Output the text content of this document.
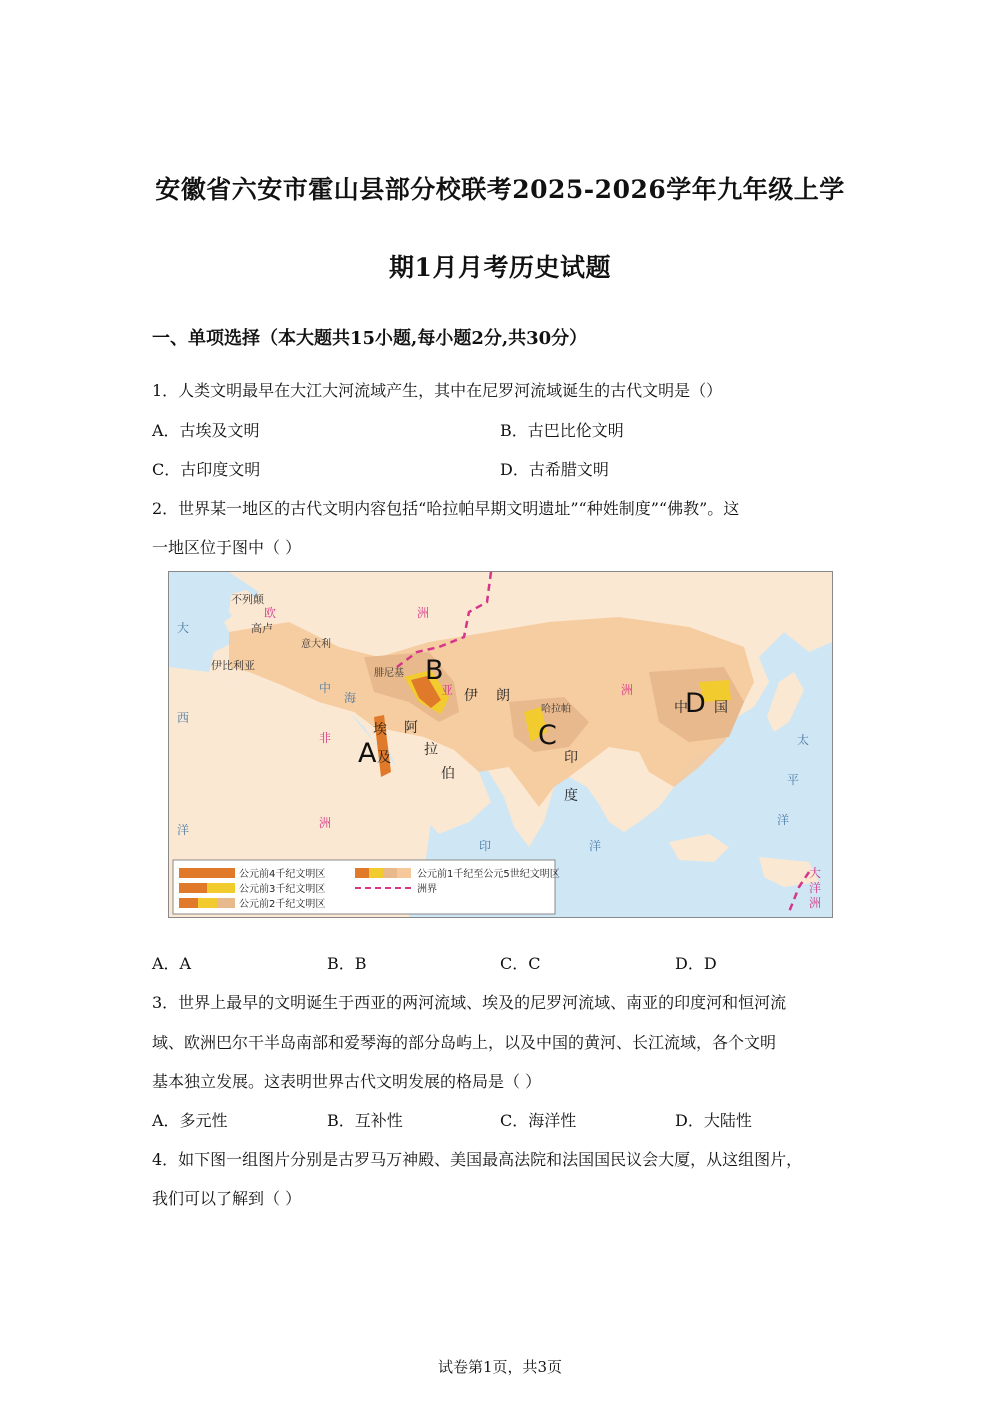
安徽省六安市霍山县部分校联考2025-2026学年九年级上学
期1月月考历史试题
一、单项选择（本大题共15小题,每小题2分,共30分）
1．人类文明最早在大江大河流域产生，其中在尼罗河流域诞生的古代文明是（）
A．古埃及文明	B．古巴比伦文明
C．古印度文明	D．古希腊文明
2．世界某一地区的古代文明内容包括“哈拉帕早期文明遗址”“种姓制度”“佛教”。这
一地区位于图中（ ）
不列颠
高卢
意大利
伊比利亚
腓尼基
哈拉帕
埃
及
阿
拉
伯
伊 朗
印
度
中 国
欧	洲
亚	洲
非
洲
大
洋
洲
大
西
洋
中
海
印	洋
太
平
洋
A
B
C
D
公元前4千纪文明区
公元前3千纪文明区
公元前2千纪文明区
公元前1千纪至公元5世纪文明区
洲界
A．A	B．B	C．C	D．D
3．世界上最早的文明诞生于西亚的两河流域、埃及的尼罗河流域、南亚的印度河和恒河流
域、欧洲巴尔干半岛南部和爱琴海的部分岛屿上，以及中国的黄河、长江流域，各个文明
基本独立发展。这表明世界古代文明发展的格局是（ ）
A．多元性	B．互补性	C．海洋性	D．大陆性
4．如下图一组图片分别是古罗马万神殿、美国最高法院和法国国民议会大厦，从这组图片，
我们可以了解到（ ）
试卷第1页，共3页
